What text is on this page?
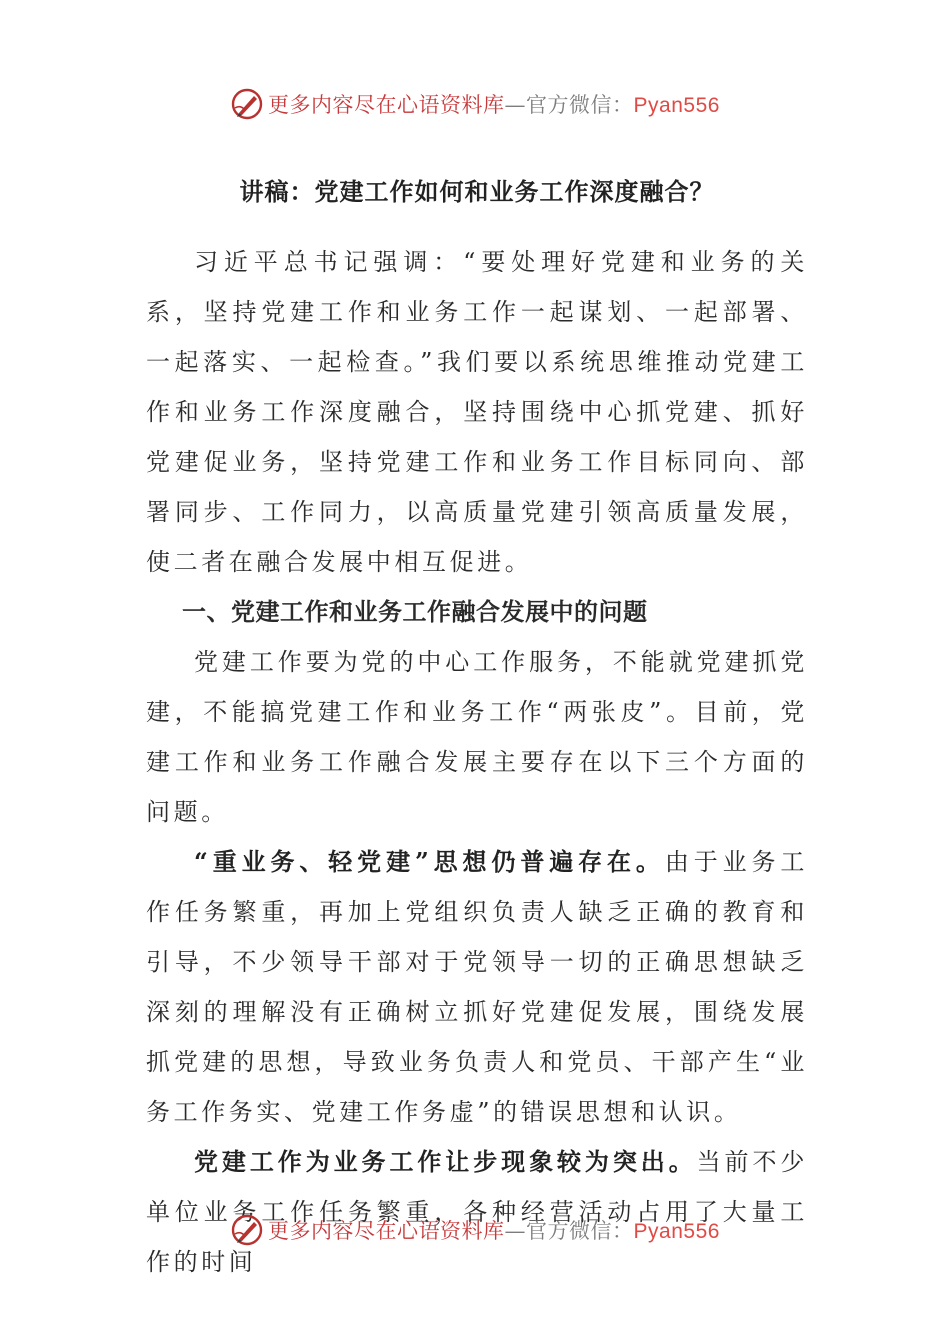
更多内容尽在心语资料库—官方微信：Pyan556
讲稿：党建工作如何和业务工作深度融合？

习近平总书记强调：“要处理好党建和业务的关系，坚持党建工作和业务工作一起谋划、一起部署、一起落实、一起检查。”我们要以系统思维推动党建工作和业务工作深度融合，坚持围绕中心抓党建、抓好党建促业务，坚持党建工作和业务工作目标同向、部署同步、工作同力，以高质量党建引领高质量发展，使二者在融合发展中相互促进。

一、党建工作和业务工作融合发展中的问题

党建工作要为党的中心工作服务，不能就党建抓党建，不能搞党建工作和业务工作“两张皮”。目前，党建工作和业务工作融合发展主要存在以下三个方面的问题。

“重业务、轻党建”思想仍普遍存在。由于业务工作任务繁重，再加上党组织负责人缺乏正确的教育和引导，不少领导干部对于党领导一切的正确思想缺乏深刻的理解没有正确树立抓好党建促发展，围绕发展抓党建的思想，导致业务负责人和党员、干部产生“业务工作务实、党建工作务虚”的错误思想和认识。

党建工作为业务工作让步现象较为突出。当前不少单位业务工作任务繁重，各种经营活动占用了大量工作的时间

更多内容尽在心语资料库—官方微信：Pyan556
